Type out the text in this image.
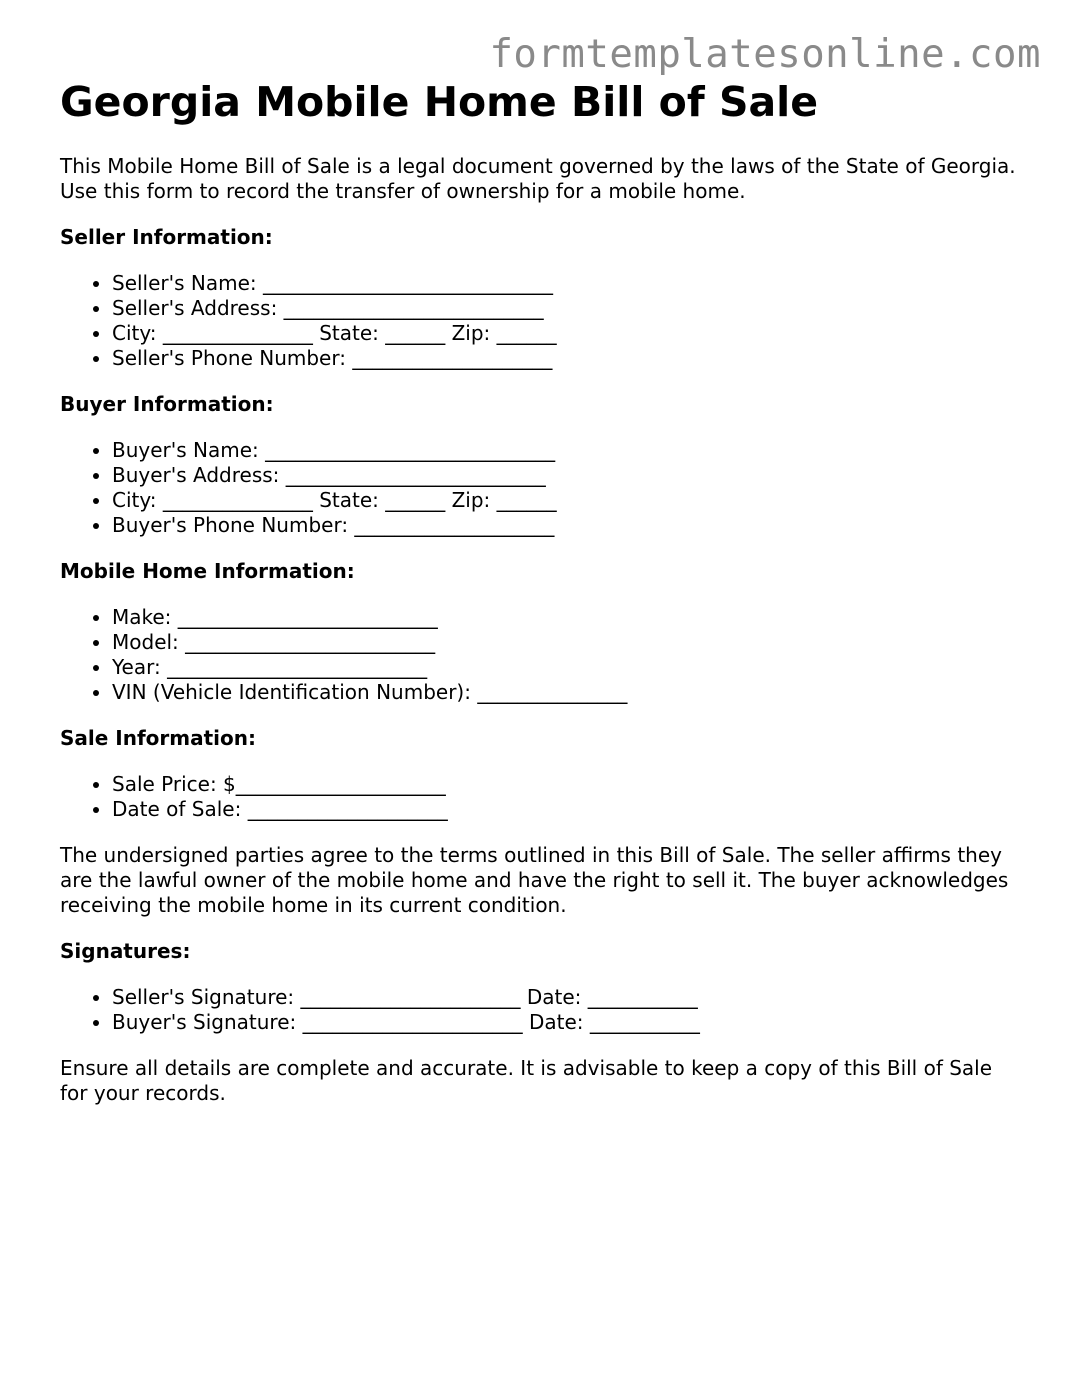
formtemplatesonline.com
Georgia Mobile Home Bill of Sale

This Mobile Home Bill of Sale is a legal document governed by the laws of the State of Georgia. Use this form to record the transfer of ownership for a mobile home.

Seller Information:
• Seller's Name: _____________________________
• Seller's Address: __________________________
• City: _______________ State: ______ Zip: ______
• Seller's Phone Number: ____________________
Buyer Information:
• Buyer's Name: _____________________________
• Buyer's Address: __________________________
• City: _______________ State: ______ Zip: ______
• Buyer's Phone Number: ____________________
Mobile Home Information:
• Make: __________________________
• Model: _________________________
• Year: __________________________
• VIN (Vehicle Identification Number): _______________
Sale Information:
• Sale Price: $_____________________
• Date of Sale: ____________________

The undersigned parties agree to the terms outlined in this Bill of Sale. The seller affirms they are the lawful owner of the mobile home and have the right to sell it. The buyer acknowledges receiving the mobile home in its current condition.

Signatures:
• Seller's Signature: ______________________ Date: ___________
• Buyer's Signature: ______________________ Date: ___________

Ensure all details are complete and accurate. It is advisable to keep a copy of this Bill of Sale for your records.
